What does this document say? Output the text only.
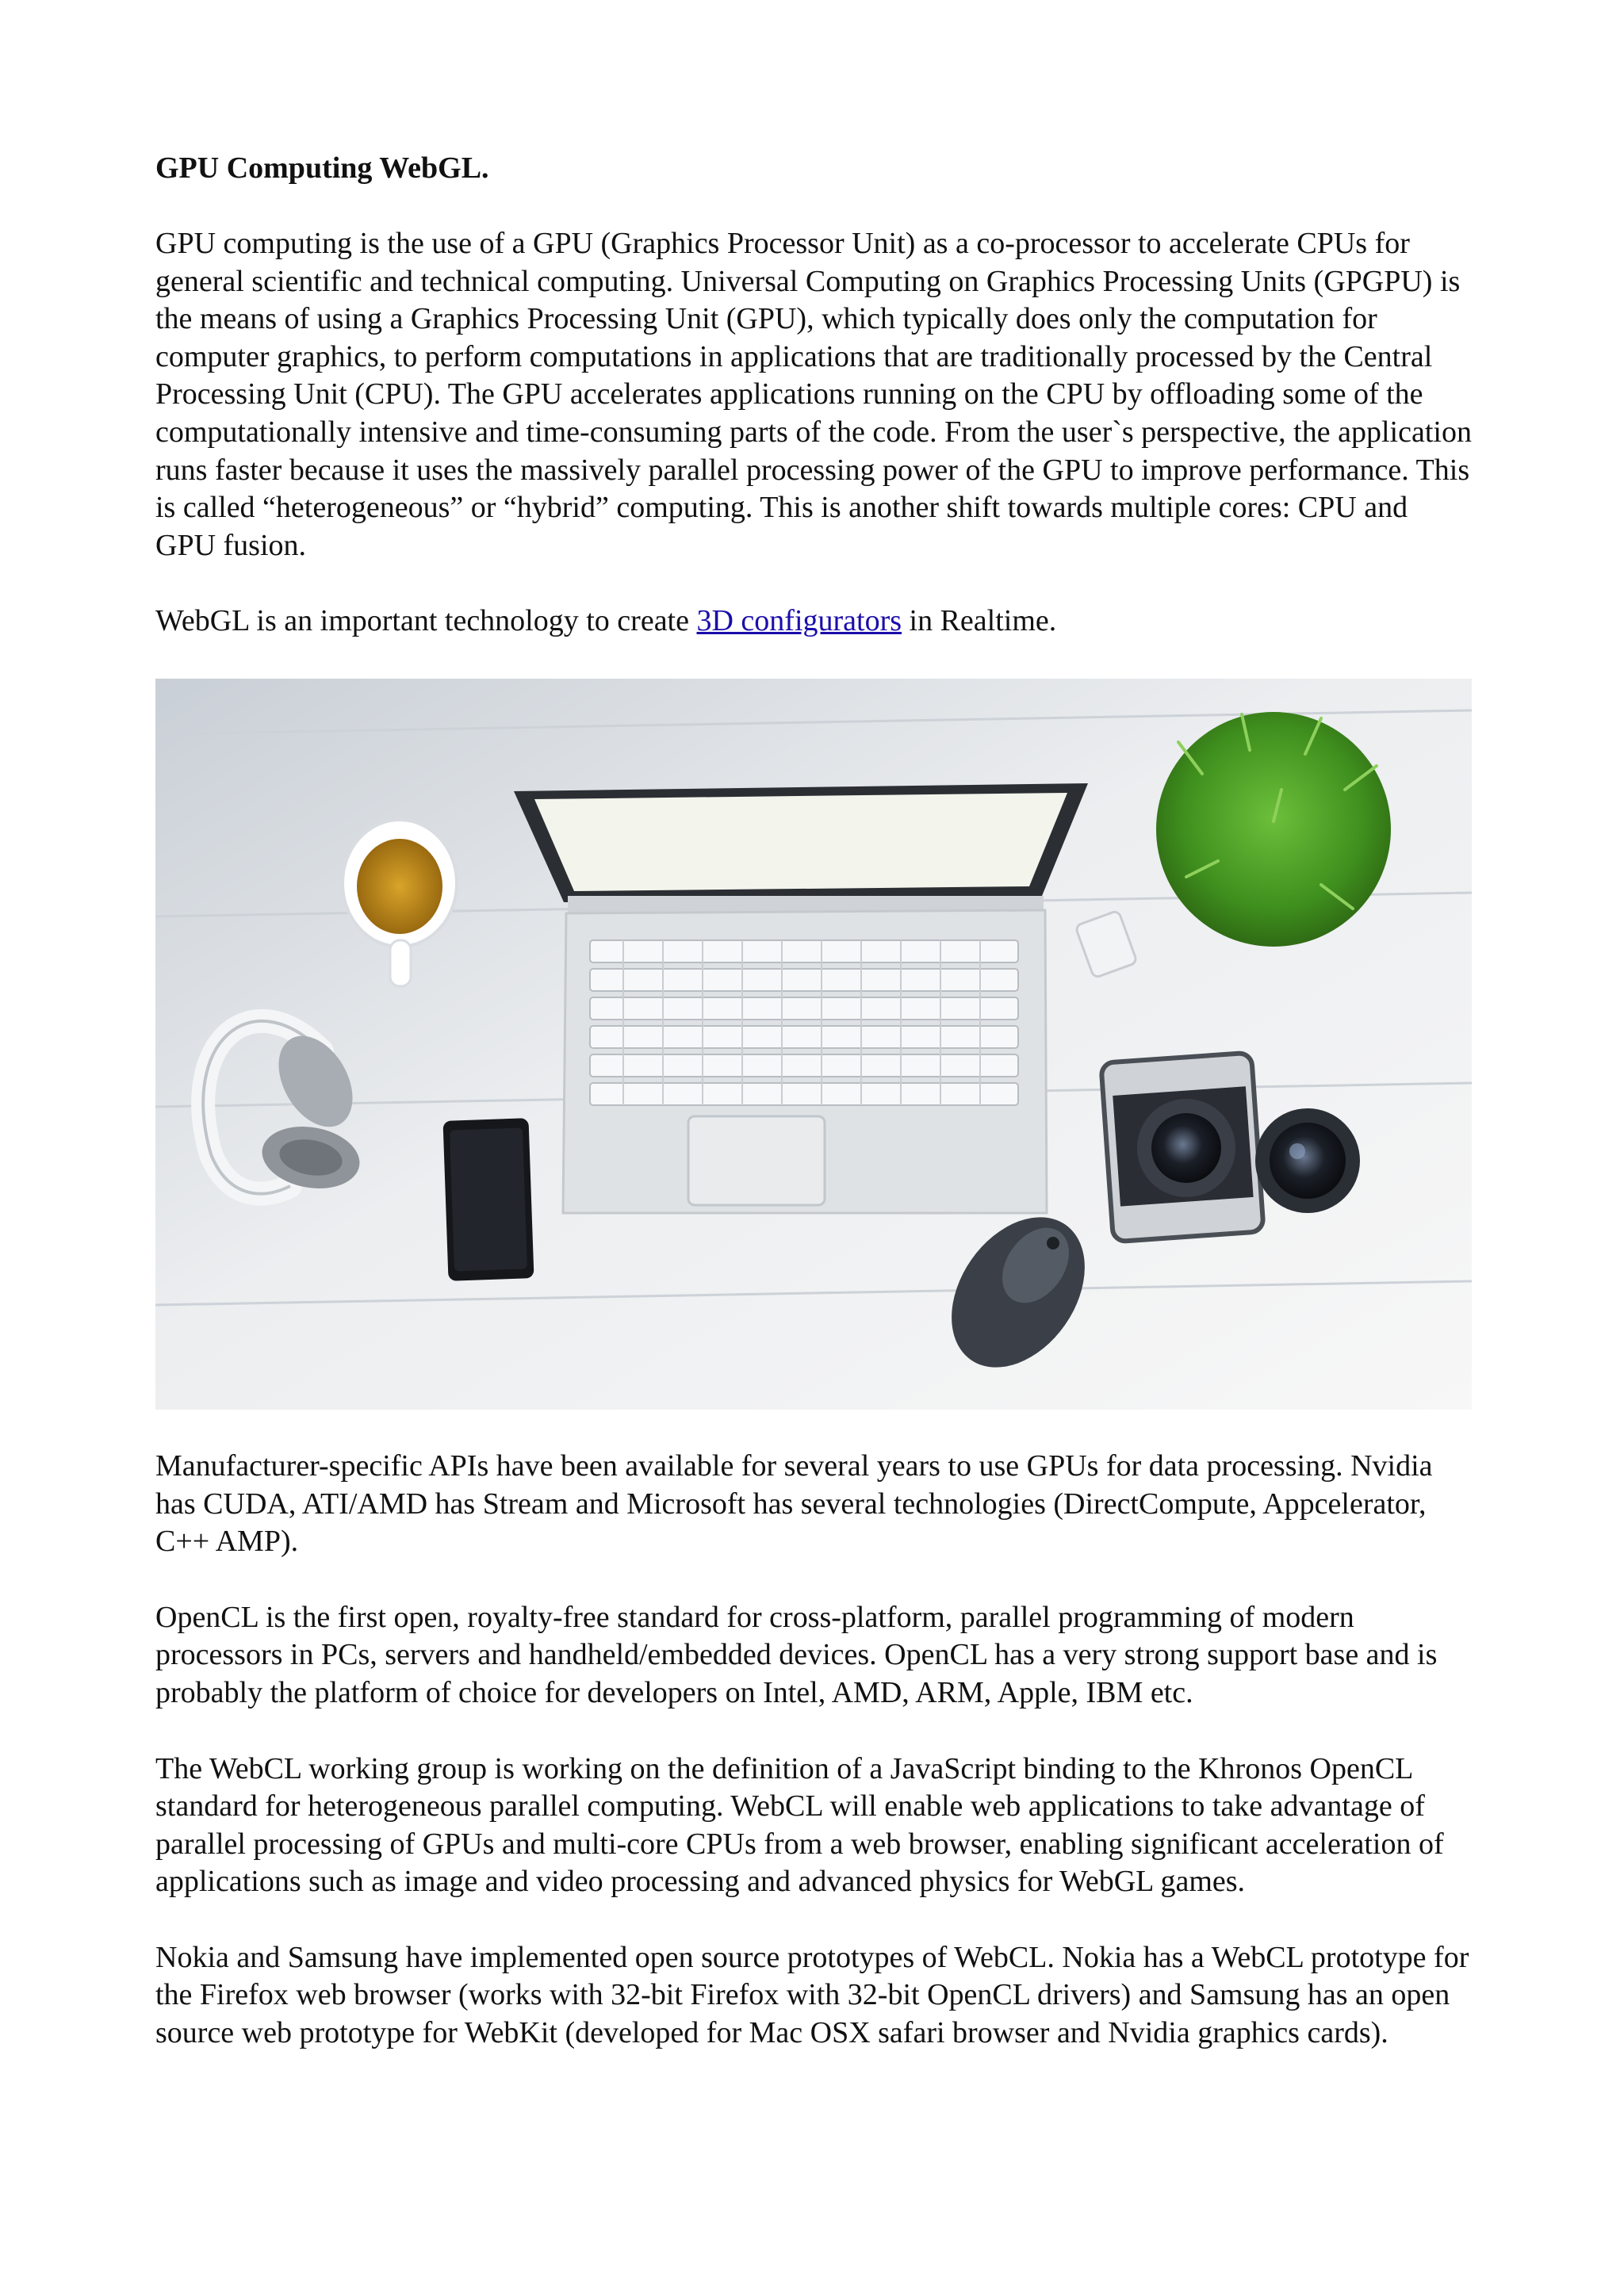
GPU Computing WebGL.

GPU computing is the use of a GPU (Graphics Processor Unit) as a co-processor to accelerate CPUs for general scientific and technical computing. Universal Computing on Graphics Processing Units (GPGPU) is the means of using a Graphics Processing Unit (GPU), which typically does only the computation for computer graphics, to perform computations in applications that are traditionally processed by the Central Processing Unit (CPU). The GPU accelerates applications running on the CPU by offloading some of the computationally intensive and time-consuming parts of the code. From the user`s perspective, the application runs faster because it uses the massively parallel processing power of the GPU to improve performance. This is called “heterogeneous” or “hybrid” computing. This is another shift towards multiple cores: CPU and GPU fusion.

WebGL is an important technology to create 3D configurators in Realtime.

Manufacturer-specific APIs have been available for several years to use GPUs for data processing. Nvidia has CUDA, ATI/AMD has Stream and Microsoft has several technologies (DirectCompute, Appcelerator, C++ AMP).

OpenCL is the first open, royalty-free standard for cross-platform, parallel programming of modern processors in PCs, servers and handheld/embedded devices. OpenCL has a very strong support base and is probably the platform of choice for developers on Intel, AMD, ARM, Apple, IBM etc.

The WebCL working group is working on the definition of a JavaScript binding to the Khronos OpenCL standard for heterogeneous parallel computing. WebCL will enable web applications to take advantage of parallel processing of GPUs and multi-core CPUs from a web browser, enabling significant acceleration of applications such as image and video processing and advanced physics for WebGL games.

Nokia and Samsung have implemented open source prototypes of WebCL. Nokia has a WebCL prototype for the Firefox web browser (works with 32-bit Firefox with 32-bit OpenCL drivers) and Samsung has an open source web prototype for WebKit (developed for Mac OSX safari browser and Nvidia graphics cards).
